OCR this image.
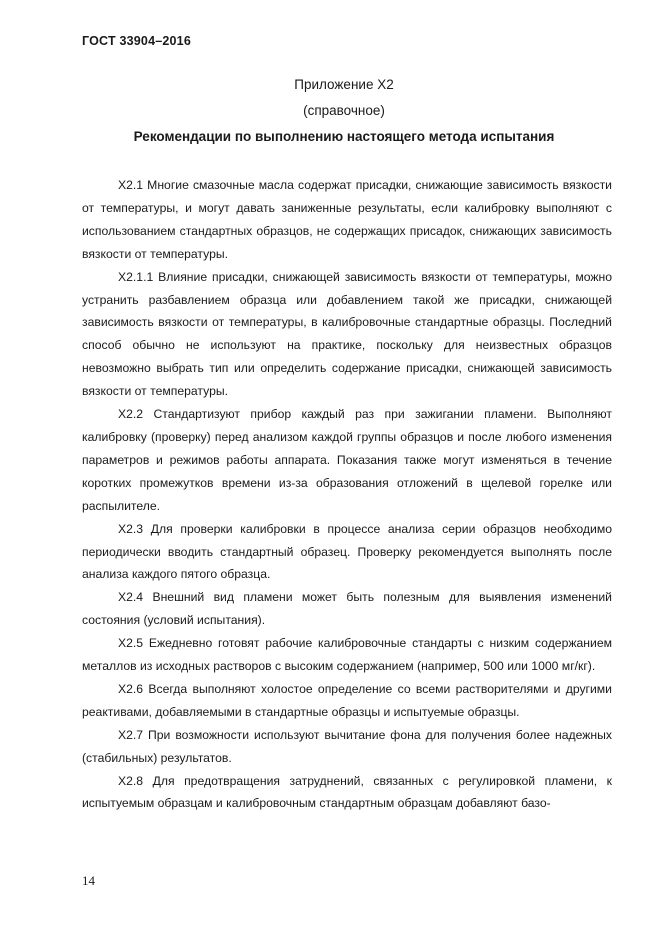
ГОСТ 33904–2016
Приложение Х2
(справочное)
Рекомендации по выполнению настоящего метода испытания

Х2.1 Многие смазочные масла содержат присадки, снижающие зависимость вязкости от температуры, и могут давать заниженные результаты, если калибровку выполняют с использованием стандартных образцов, не содержащих присадок, снижающих зависимость вязкости от температуры.

Х2.1.1 Влияние присадки, снижающей зависимость вязкости от температуры, можно устранить разбавлением образца или добавлением такой же присадки, снижающей зависимость вязкости от температуры, в калибровочные стандартные образцы. Последний способ обычно не используют на практике, поскольку для неизвестных образцов невозможно выбрать тип или определить содержание присадки, снижающей зависимость вязкости от температуры.

Х2.2 Стандартизуют прибор каждый раз при зажигании пламени. Выполняют калибровку (проверку) перед анализом каждой группы образцов и после любого изменения параметров и режимов работы аппарата. Показания также могут изменяться в течение коротких промежутков времени из-за образования отложений в щелевой горелке или распылителе.

Х2.3 Для проверки калибровки в процессе анализа серии образцов необходимо периодически вводить стандартный образец. Проверку рекомендуется выполнять после анализа каждого пятого образца.

Х2.4 Внешний вид пламени может быть полезным для выявления изменений состояния (условий испытания).

Х2.5 Ежедневно готовят рабочие калибровочные стандарты с низким содержанием металлов из исходных растворов с высоким содержанием (например, 500 или 1000 мг/кг).

Х2.6 Всегда выполняют холостое определение со всеми растворителями и другими реактивами, добавляемыми в стандартные образцы и испытуемые образцы.

Х2.7 При возможности используют вычитание фона для получения более надежных (стабильных) результатов.

Х2.8 Для предотвращения затруднений, связанных с регулировкой пламени, к испытуемым образцам и калибровочным стандартным образцам добавляют базо-

14
